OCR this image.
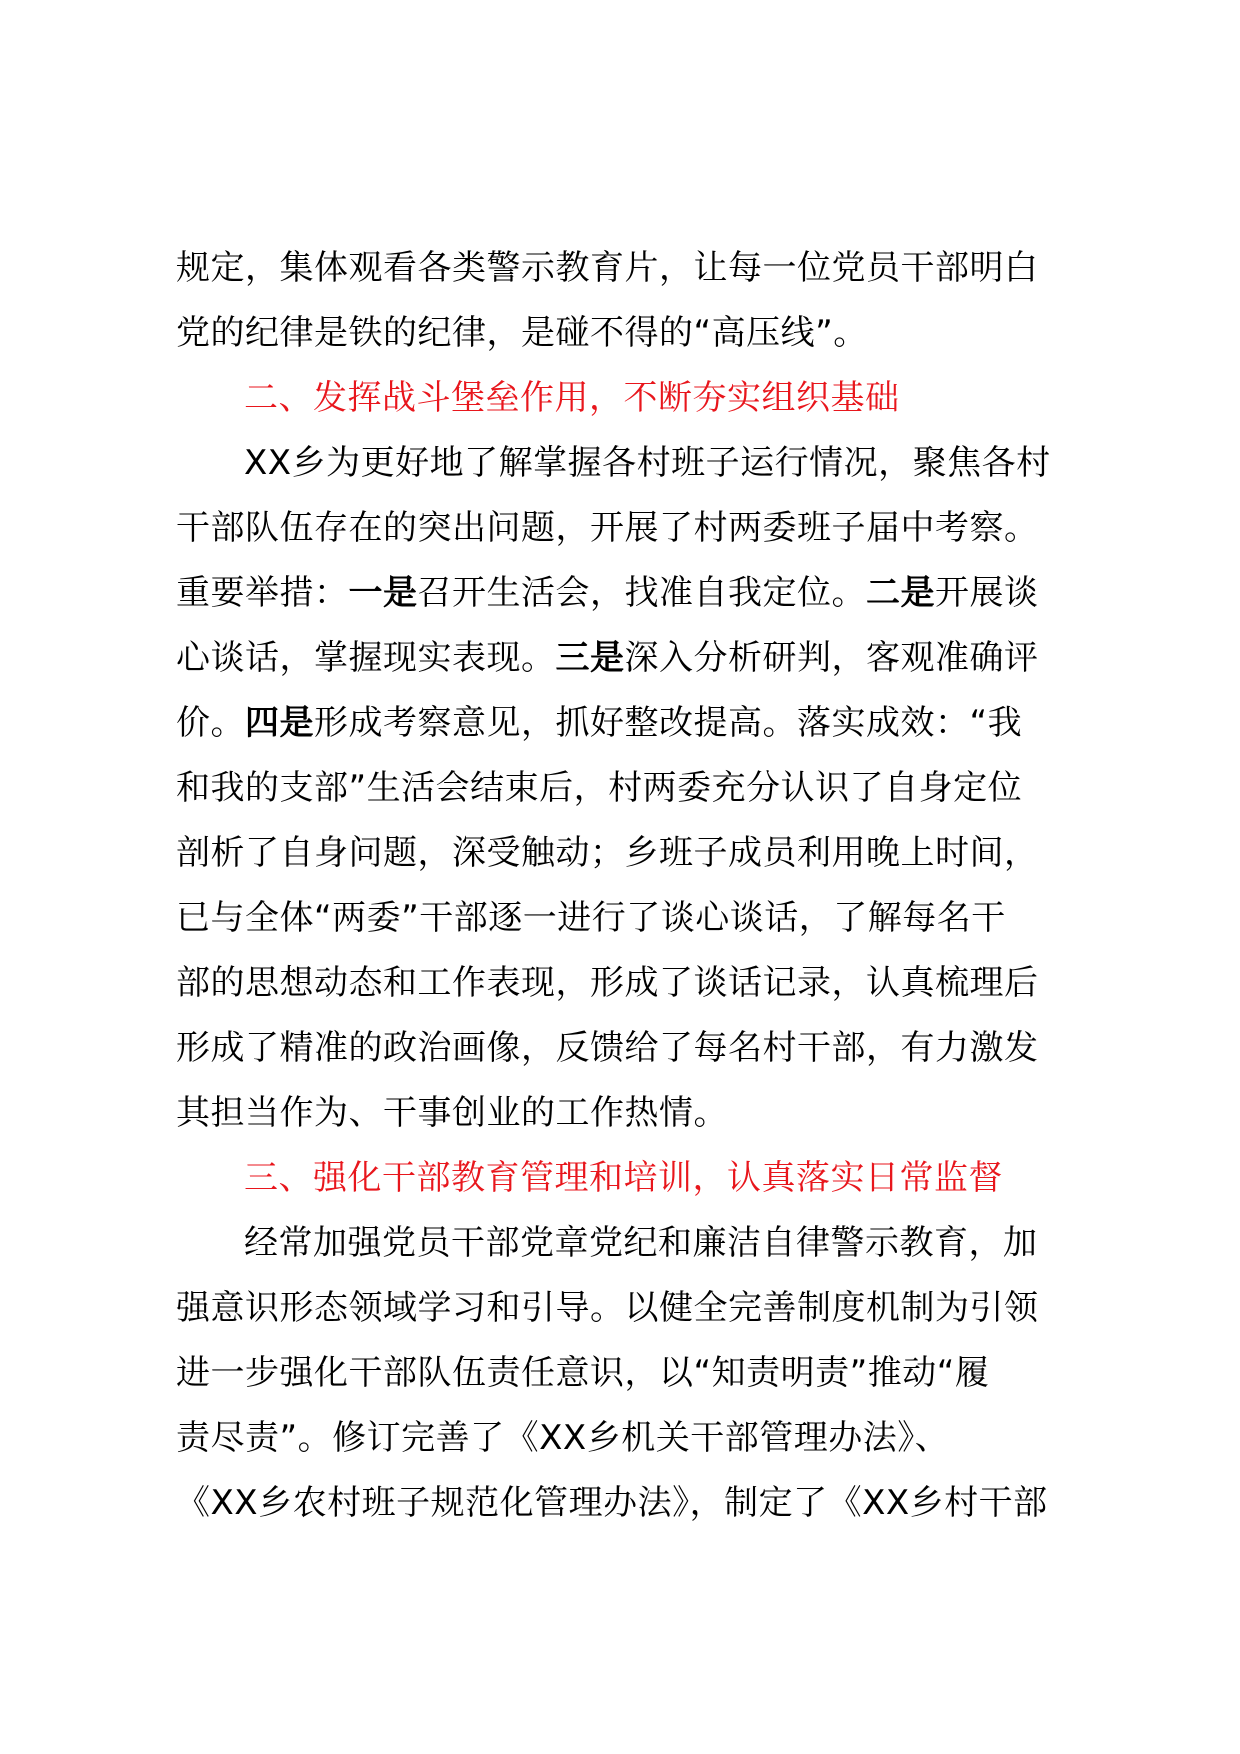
规定，集体观看各类警示教育片，让每一位党员干部明白
党的纪律是铁的纪律，是碰不得的“高压线”。
二、发挥战斗堡垒作用，不断夯实组织基础
XX乡为更好地了解掌握各村班子运行情况，聚焦各村
干部队伍存在的突出问题，开展了村两委班子届中考察。
重要举措：一是召开生活会，找准自我定位。二是开展谈
心谈话，掌握现实表现。三是深入分析研判，客观准确评
价。四是形成考察意见，抓好整改提高。落实成效：“我
和我的支部”生活会结束后，村两委充分认识了自身定位
剖析了自身问题，深受触动；乡班子成员利用晚上时间，
已与全体“两委”干部逐一进行了谈心谈话，了解每名干
部的思想动态和工作表现，形成了谈话记录，认真梳理后
形成了精准的政治画像，反馈给了每名村干部，有力激发
其担当作为、干事创业的工作热情。
三、强化干部教育管理和培训，认真落实日常监督
经常加强党员干部党章党纪和廉洁自律警示教育，加
强意识形态领域学习和引导。以健全完善制度机制为引领
进一步强化干部队伍责任意识，以“知责明责”推动“履
责尽责”。修订完善了《XX乡机关干部管理办法》、
《XX乡农村班子规范化管理办法》，制定了《XX乡村干部
